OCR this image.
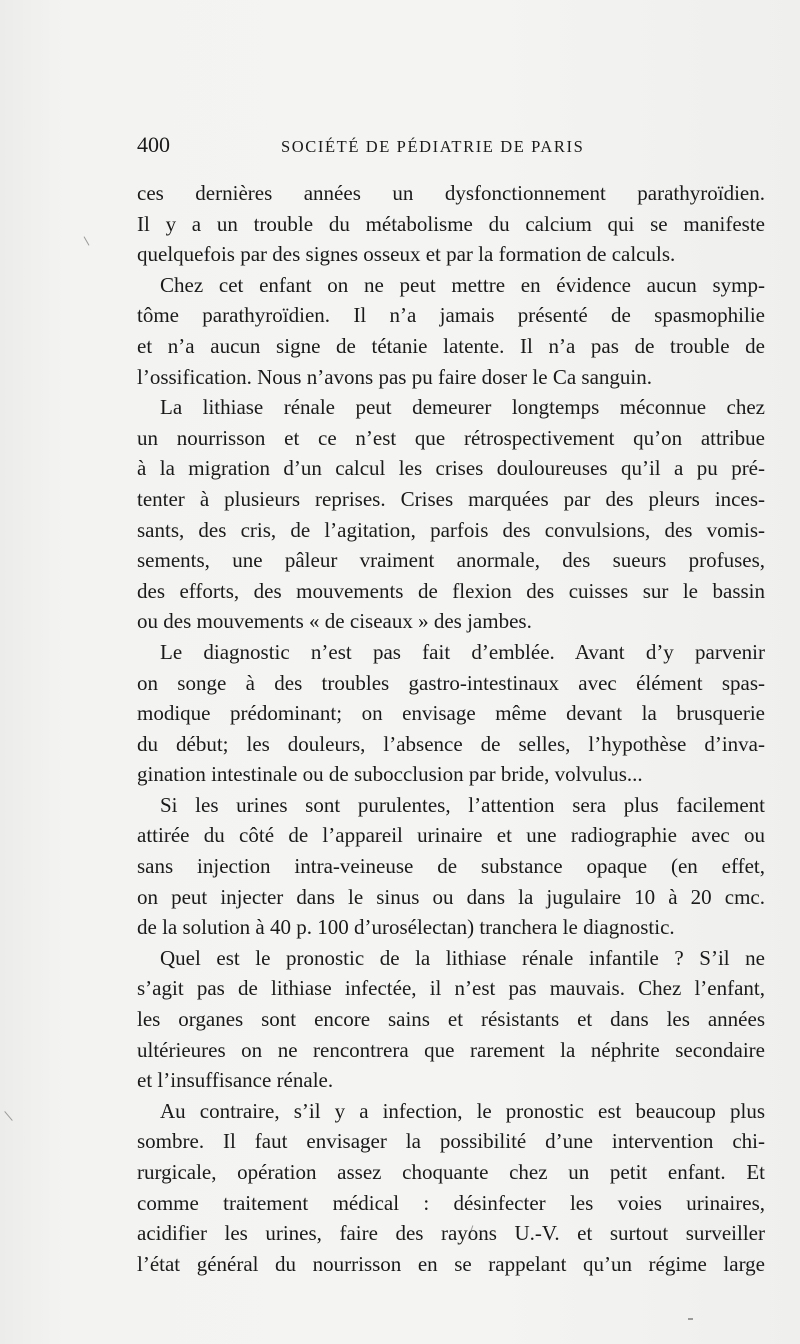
400	SOCIÉTÉ DE PÉDIATRIE DE PARIS
ces dernières années un dysfonctionnement parathyroïdien.
Il y a un trouble du métabolisme du calcium qui se manifeste
quelquefois par des signes osseux et par la formation de calculs.
Chez cet enfant on ne peut mettre en évidence aucun symp-
tôme parathyroïdien. Il n’a jamais présenté de spasmophilie
et n’a aucun signe de tétanie latente. Il n’a pas de trouble de
l’ossification. Nous n’avons pas pu faire doser le Ca sanguin.
La lithiase rénale peut demeurer longtemps méconnue chez
un nourrisson et ce n’est que rétrospectivement qu’on attribue
à la migration d’un calcul les crises douloureuses qu’il a pu pré-
tenter à plusieurs reprises. Crises marquées par des pleurs inces-
sants, des cris, de l’agitation, parfois des convulsions, des vomis-
sements, une pâleur vraiment anormale, des sueurs profuses,
des efforts, des mouvements de flexion des cuisses sur le bassin
ou des mouvements « de ciseaux » des jambes.
Le diagnostic n’est pas fait d’emblée. Avant d’y parvenir
on songe à des troubles gastro-intestinaux avec élément spas-
modique prédominant; on envisage même devant la brusquerie
du début; les douleurs, l’absence de selles, l’hypothèse d’inva-
gination intestinale ou de subocclusion par bride, volvulus...
Si les urines sont purulentes, l’attention sera plus facilement
attirée du côté de l’appareil urinaire et une radiographie avec ou
sans injection intra-veineuse de substance opaque (en effet,
on peut injecter dans le sinus ou dans la jugulaire 10 à 20 cmc.
de la solution à 40 p. 100 d’urosélectan) tranchera le diagnostic.
Quel est le pronostic de la lithiase rénale infantile ? S’il ne
s’agit pas de lithiase infectée, il n’est pas mauvais. Chez l’enfant,
les organes sont encore sains et résistants et dans les années
ultérieures on ne rencontrera que rarement la néphrite secondaire
et l’insuffisance rénale.
Au contraire, s’il y a infection, le pronostic est beaucoup plus
sombre. Il faut envisager la possibilité d’une intervention chi-
rurgicale, opération assez choquante chez un petit enfant. Et
comme traitement médical : désinfecter les voies urinaires,
acidifier les urines, faire des rayons U.-V. et surtout surveiller
l’état général du nourrisson en se rappelant qu’un régime large
